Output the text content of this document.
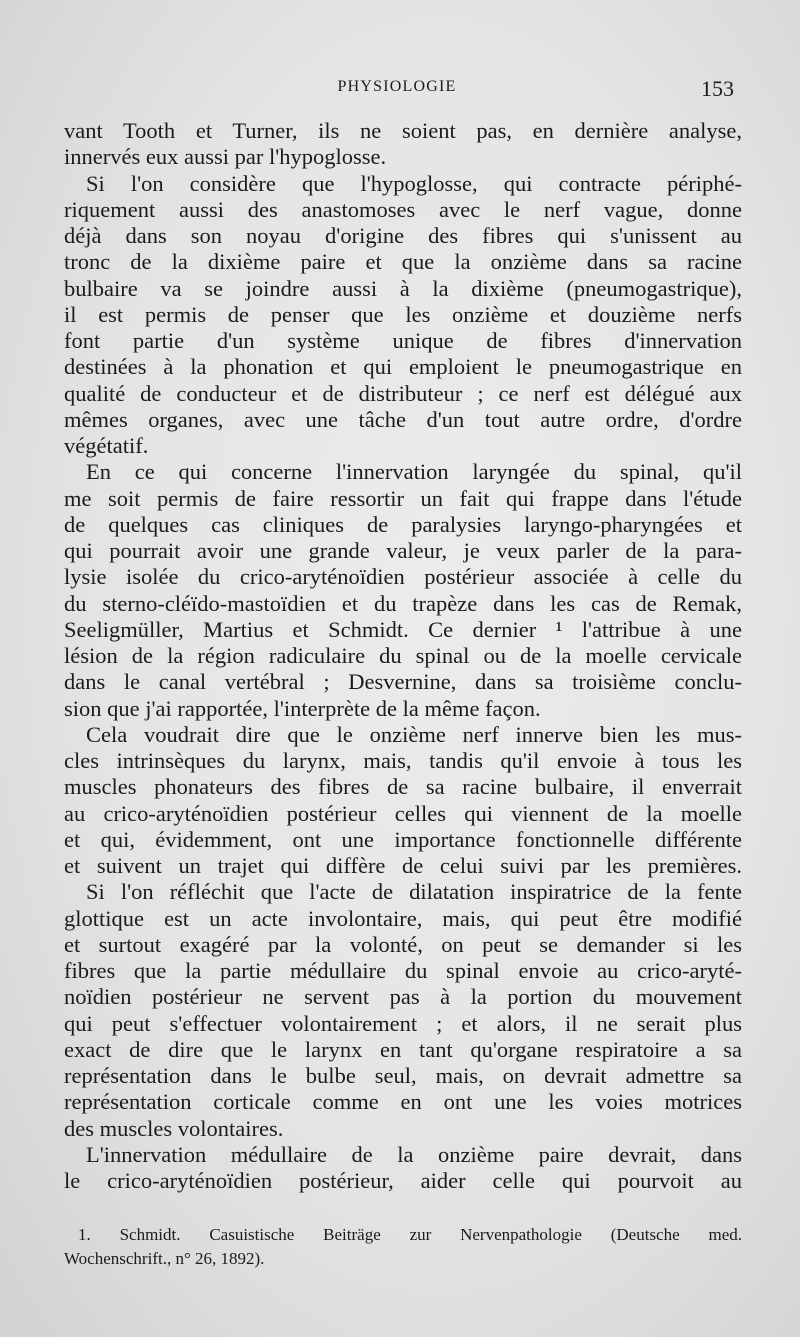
PHYSIOLOGIE	153
vant Tooth et Turner, ils ne soient pas, en dernière analyse,
innervés eux aussi par l'hypoglosse.
Si l'on considère que l'hypoglosse, qui contracte périphé-
riquement aussi des anastomoses avec le nerf vague, donne
déjà dans son noyau d'origine des fibres qui s'unissent au
tronc de la dixième paire et que la onzième dans sa racine
bulbaire va se joindre aussi à la dixième (pneumogastrique),
il est permis de penser que les onzième et douzième nerfs
font partie d'un système unique de fibres d'innervation
destinées à la phonation et qui emploient le pneumogastrique en
qualité de conducteur et de distributeur ; ce nerf est délégué aux
mêmes organes, avec une tâche d'un tout autre ordre, d'ordre
végétatif.
En ce qui concerne l'innervation laryngée du spinal, qu'il
me soit permis de faire ressortir un fait qui frappe dans l'étude
de quelques cas cliniques de paralysies laryngo-pharyngées et
qui pourrait avoir une grande valeur, je veux parler de la para-
lysie isolée du crico-aryténoïdien postérieur associée à celle du
du sterno-cléïdo-mastoïdien et du trapèze dans les cas de Remak,
Seeligmüller, Martius et Schmidt. Ce dernier ¹ l'attribue à une
lésion de la région radiculaire du spinal ou de la moelle cervicale
dans le canal vertébral ; Desvernine, dans sa troisième conclu-
sion que j'ai rapportée, l'interprète de la même façon.
Cela voudrait dire que le onzième nerf innerve bien les mus-
cles intrinsèques du larynx, mais, tandis qu'il envoie à tous les
muscles phonateurs des fibres de sa racine bulbaire, il enverrait
au crico-aryténoïdien postérieur celles qui viennent de la moelle
et qui, évidemment, ont une importance fonctionnelle différente
et suivent un trajet qui diffère de celui suivi par les premières.
Si l'on réfléchit que l'acte de dilatation inspiratrice de la fente
glottique est un acte involontaire, mais, qui peut être modifié
et surtout exagéré par la volonté, on peut se demander si les
fibres que la partie médullaire du spinal envoie au crico-aryté-
noïdien postérieur ne servent pas à la portion du mouvement
qui peut s'effectuer volontairement ; et alors, il ne serait plus
exact de dire que le larynx en tant qu'organe respiratoire a sa
représentation dans le bulbe seul, mais, on devrait admettre sa
représentation corticale comme en ont une les voies motrices
des muscles volontaires.
L'innervation médullaire de la onzième paire devrait, dans
le crico-aryténoïdien postérieur, aider celle qui pourvoit au
1. Schmidt. Casuistische Beiträge zur Nervenpathologie (Deutsche med.
Wochenschrift., n° 26, 1892).
